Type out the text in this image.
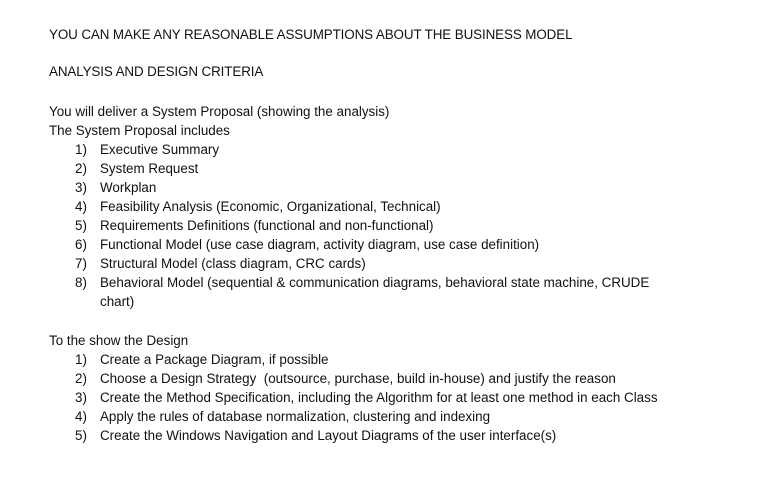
YOU CAN MAKE ANY REASONABLE ASSUMPTIONS ABOUT THE BUSINESS MODEL
ANALYSIS AND DESIGN CRITERIA
You will deliver a System Proposal (showing the analysis)
The System Proposal includes
1) Executive Summary
2) System Request
3) Workplan
4) Feasibility Analysis (Economic, Organizational, Technical)
5) Requirements Definitions (functional and non-functional)
6) Functional Model (use case diagram, activity diagram, use case definition)
7) Structural Model (class diagram, CRC cards)
8) Behavioral Model (sequential & communication diagrams, behavioral state machine, CRUDE chart)
To the show the Design
1) Create a Package Diagram, if possible
2) Choose a Design Strategy  (outsource, purchase, build in-house) and justify the reason
3) Create the Method Specification, including the Algorithm for at least one method in each Class
4) Apply the rules of database normalization, clustering and indexing
5) Create the Windows Navigation and Layout Diagrams of the user interface(s)
